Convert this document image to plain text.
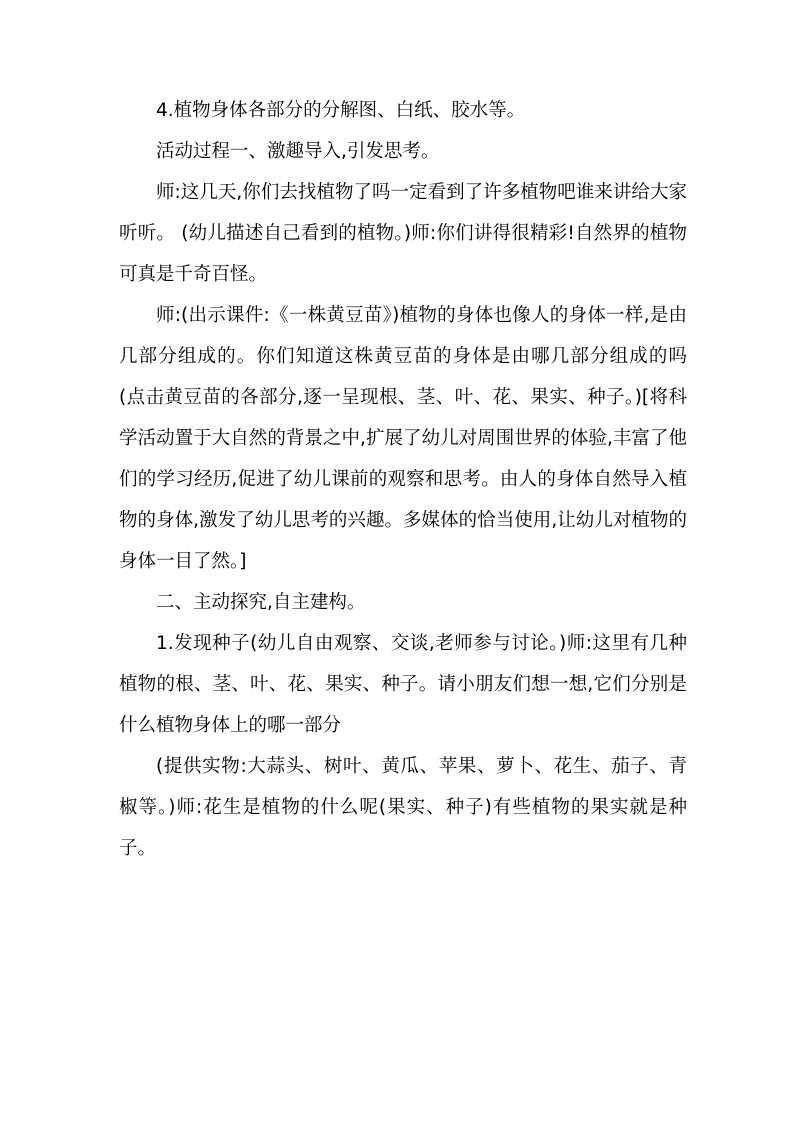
4.植物身体各部分的分解图、白纸、胶水等。

活动过程一、激趣导入,引发思考。

师:这几天,你们去找植物了吗一定看到了许多植物吧谁来讲给大家听听。 (幼儿描述自己看到的植物。)师:你们讲得很精彩!自然界的植物可真是千奇百怪。

师:(出示课件:《一株黄豆苗》)植物的身体也像人的身体一样,是由几部分组成的。你们知道这株黄豆苗的身体是由哪几部分组成的吗 (点击黄豆苗的各部分,逐一呈现根、茎、叶、花、果实、种子。)[将科学活动置于大自然的背景之中,扩展了幼儿对周围世界的体验,丰富了他们的学习经历,促进了幼儿课前的观察和思考。由人的身体自然导入植物的身体,激发了幼儿思考的兴趣。多媒体的恰当使用,让幼儿对植物的身体一目了然。]

二、主动探究,自主建构。

1.发现种子(幼儿自由观察、交谈,老师参与讨论。)师:这里有几种植物的根、茎、叶、花、果实、种子。请小朋友们想一想,它们分别是什么植物身体上的哪一部分

(提供实物:大蒜头、树叶、黄瓜、苹果、萝卜、花生、茄子、青椒等。)师:花生是植物的什么呢(果实、种子)有些植物的果实就是种子。
